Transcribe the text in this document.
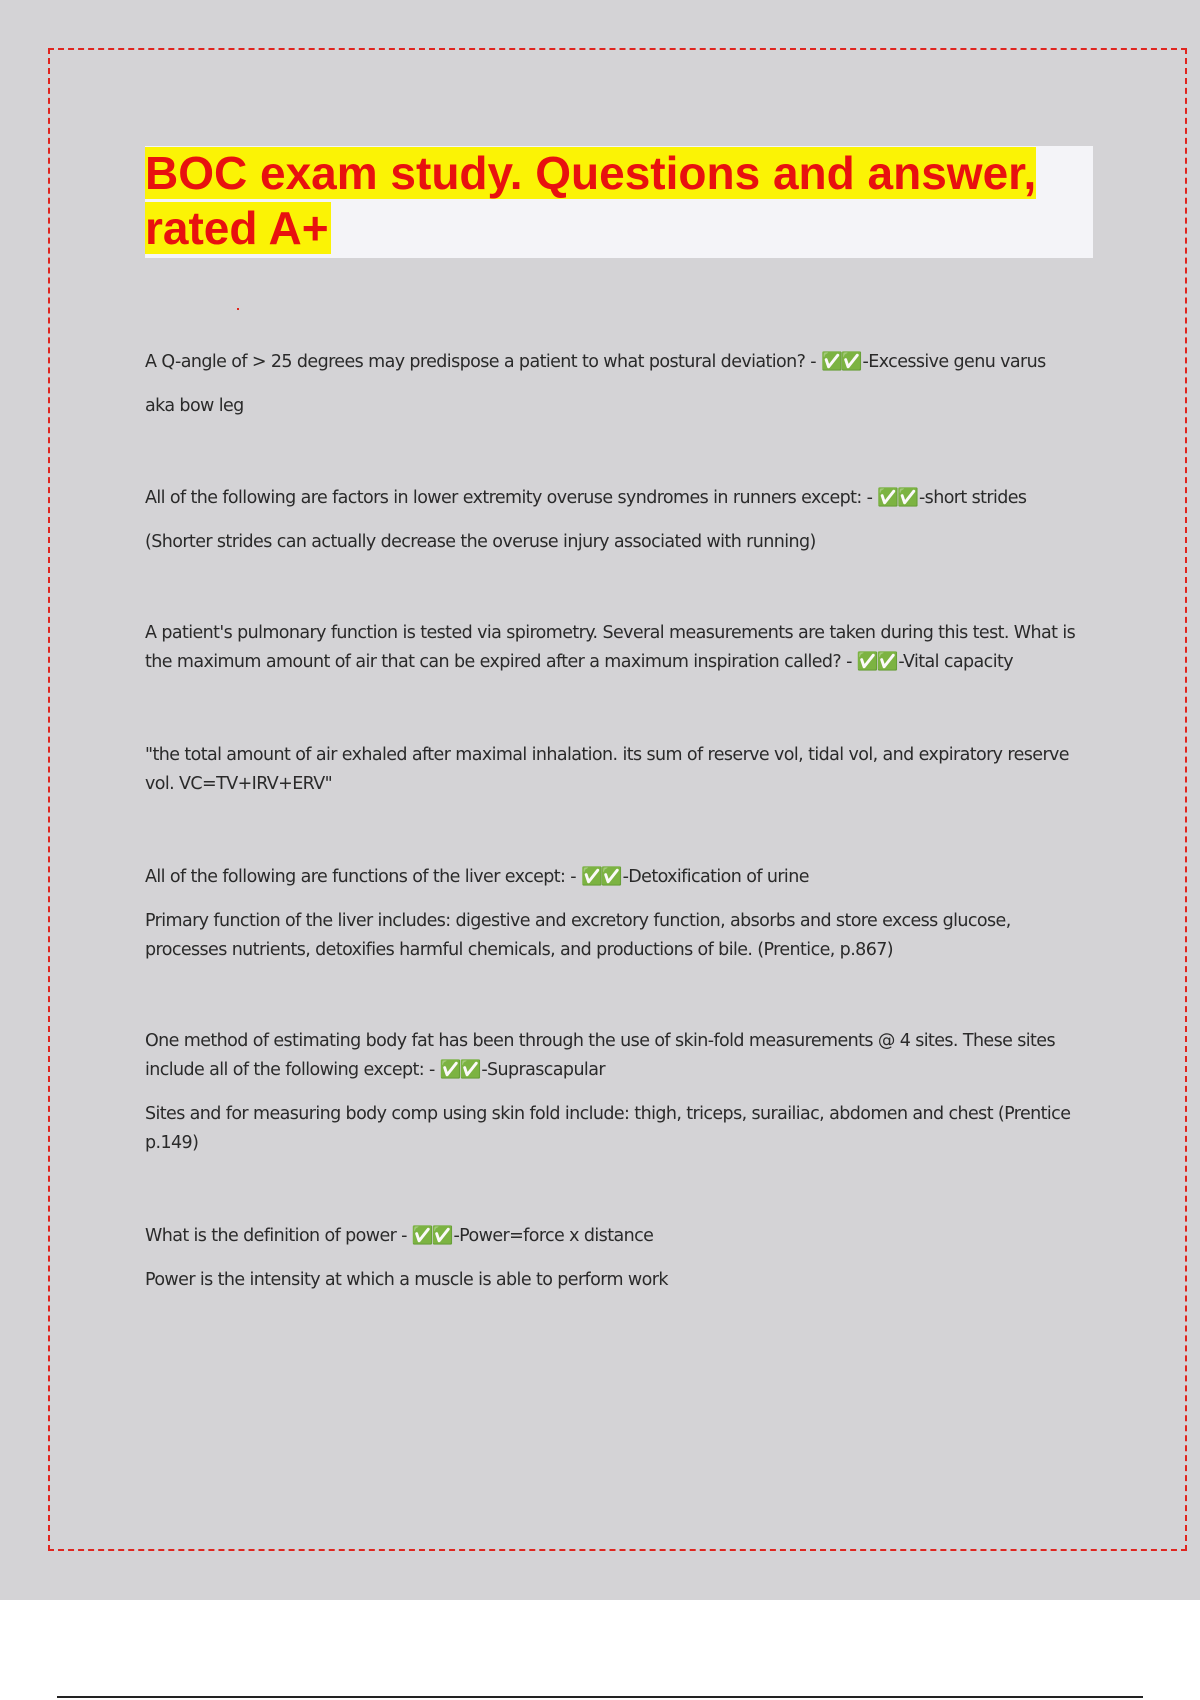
BOC exam study. Questions and answer, rated A+

A Q-angle of > 25 degrees may predispose a patient to what postural deviation? - ✅✅ -Excessive genu varus

aka bow leg

All of the following are factors in lower extremity overuse syndromes in runners except: - ✅✅ -short strides

(Shorter strides can actually decrease the overuse injury associated with running)

A patient's pulmonary function is tested via spirometry. Several measurements are taken during this test. What is the maximum amount of air that can be expired after a maximum inspiration called? - ✅✅ -Vital capacity

"the total amount of air exhaled after maximal inhalation. its sum of reserve vol, tidal vol, and expiratory reserve vol. VC=TV+IRV+ERV"

All of the following are functions of the liver except: - ✅✅ -Detoxification of urine

Primary function of the liver includes: digestive and excretory function, absorbs and store excess glucose, processes nutrients, detoxifies harmful chemicals, and productions of bile. (Prentice, p.867)

One method of estimating body fat has been through the use of skin-fold measurements @ 4 sites. These sites include all of the following except: - ✅✅ -Suprascapular

Sites and for measuring body comp using skin fold include: thigh, triceps, surailiac, abdomen and chest (Prentice p.149)

What is the definition of power - ✅✅ -Power=force x distance

Power is the intensity at which a muscle is able to perform work
